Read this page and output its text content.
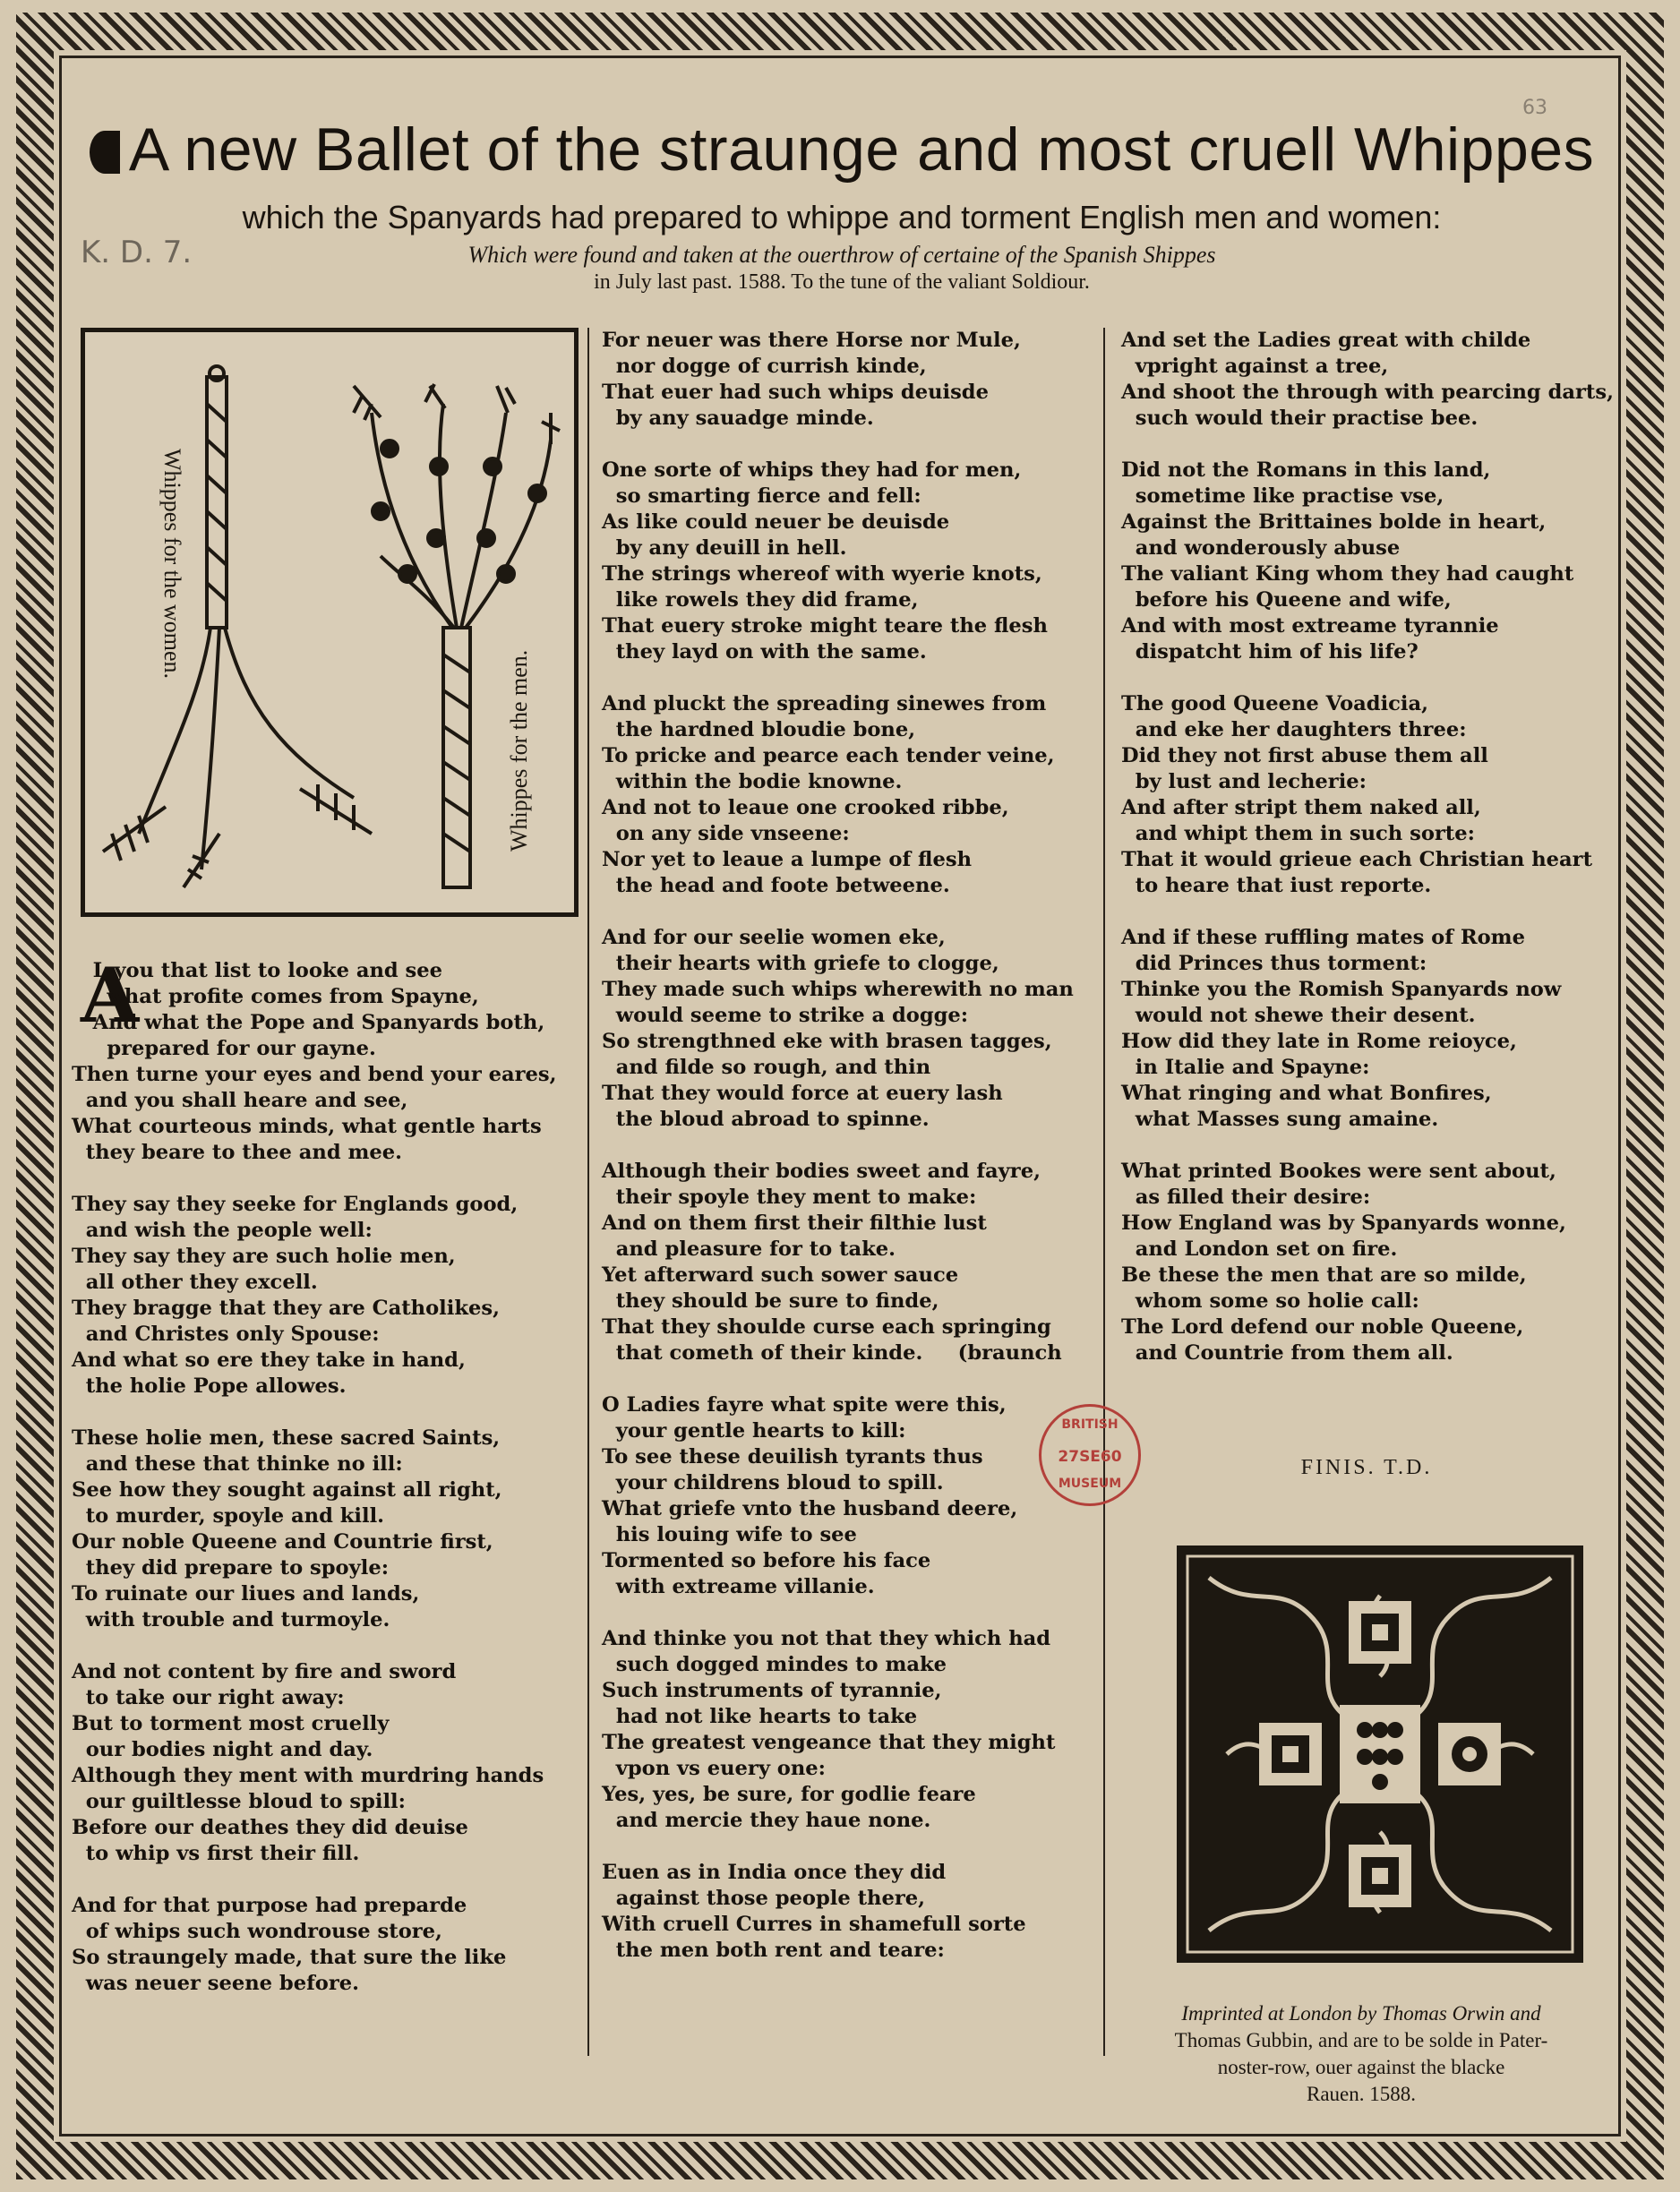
63
A new Ballet of the straunge and most cruell Whippes
which the Spanyards had prepared to whippe and torment English men and women:
Which were found and taken at the ouerthrow of certaine of the Spanish Shippes
in July last past. 1588. To the tune of the valiant Soldiour.
K. D. 7.
Whippes for the women.
Whippes for the men.
A
L you that list to looke and see
what profite comes from Spayne,
And what the Pope and Spanyards both,
prepared for our gayne.
Then turne your eyes and bend your eares,
and you shall heare and see,
What courteous minds, what gentle harts
they beare to thee and mee.
They say they seeke for Englands good,
and wish the people well:
They say they are such holie men,
all other they excell.
They bragge that they are Catholikes,
and Christes only Spouse:
And what so ere they take in hand,
the holie Pope allowes.
These holie men, these sacred Saints,
and these that thinke no ill:
See how they sought against all right,
to murder, spoyle and kill.
Our noble Queene and Countrie first,
they did prepare to spoyle:
To ruinate our liues and lands,
with trouble and turmoyle.
And not content by fire and sword
to take our right away:
But to torment most cruelly
our bodies night and day.
Although they ment with murdring hands
our guiltlesse bloud to spill:
Before our deathes they did deuise
to whip vs first their fill.
And for that purpose had preparde
of whips such wondrouse store,
So straungely made, that sure the like
was neuer seene before.
For neuer was there Horse nor Mule,
nor dogge of currish kinde,
That euer had such whips deuisde
by any sauadge minde.
One sorte of whips they had for men,
so smarting fierce and fell:
As like could neuer be deuisde
by any deuill in hell.
The strings whereof with wyerie knots,
like rowels they did frame,
That euery stroke might teare the flesh
they layd on with the same.
And pluckt the spreading sinewes from
the hardned bloudie bone,
To pricke and pearce each tender veine,
within the bodie knowne.
And not to leaue one crooked ribbe,
on any side vnseene:
Nor yet to leaue a lumpe of flesh
the head and foote betweene.
And for our seelie women eke,
their hearts with griefe to clogge,
They made such whips wherewith no man
would seeme to strike a dogge:
So strengthned eke with brasen tagges,
and filde so rough, and thin
That they would force at euery lash
the bloud abroad to spinne.
Although their bodies sweet and fayre,
their spoyle they ment to make:
And on them first their filthie lust
and pleasure for to take.
Yet afterward such sower sauce
they should be sure to finde,
That they shoulde curse each springing
that cometh of their kinde.     (braunch
O Ladies fayre what spite were this,
your gentle hearts to kill:
To see these deuilish tyrants thus
your childrens bloud to spill.
What griefe vnto the husband deere,
his louing wife to see
Tormented so before his face
with extreame villanie.
And thinke you not that they which had
such dogged mindes to make
Such instruments of tyrannie,
had not like hearts to take
The greatest vengeance that they might
vpon vs euery one:
Yes, yes, be sure, for godlie feare
and mercie they haue none.
Euen as in India once they did
against those people there,
With cruell Curres in shamefull sorte
the men both rent and teare:
And set the Ladies great with childe
vpright against a tree,
And shoot the through with pearcing darts,
such would their practise bee.
Did not the Romans in this land,
sometime like practise vse,
Against the Brittaines bolde in heart,
and wonderously abuse
The valiant King whom they had caught
before his Queene and wife,
And with most extreame tyrannie
dispatcht him of his life?
The good Queene Voadicia,
and eke her daughters three:
Did they not first abuse them all
by lust and lecherie:
And after stript them naked all,
and whipt them in such sorte:
That it would grieue each Christian heart
to heare that iust reporte.
And if these ruffling mates of Rome
did Princes thus torment:
Thinke you the Romish Spanyards now
would not shewe their desent.
How did they late in Rome reioyce,
in Italie and Spayne:
What ringing and what Bonfires,
what Masses sung amaine.
What printed Bookes were sent about,
as filled their desire:
How England was by Spanyards wonne,
and London set on fire.
Be these the men that are so milde,
whom some so holie call:
The Lord defend our noble Queene,
and Countrie from them all.
BRITISH
27SE60
MUSEUM
FINIS. T.D.
Imprinted at London by Thomas Orwin and
Thomas Gubbin, and are to be solde in Pater-
noster-row, ouer against the blacke
Rauen. 1588.
